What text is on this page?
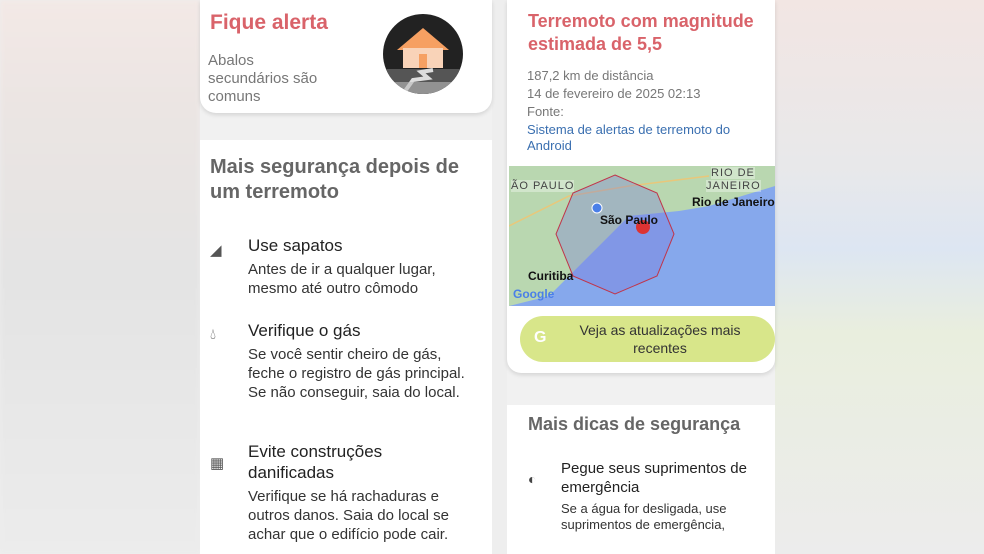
Fique alerta
Abalos secundários são comuns
Mais segurança depois de um terremoto
◢	Use sapatos
Antes de ir a qualquer lugar, mesmo até outro cômodo
💧︎	Verifique o gás
Se você sentir cheiro de gás, feche o registro de gás principal. Se não conseguir, saia do local.
▦
Evite construções danificadas
Verifique se há rachaduras e outros danos. Saia do local se achar que o edifício pode cair.
Terremoto com magnitude estimada de 5,5
187,2 km de distância
14 de fevereiro de 2025 02:13
Fonte:
Sistema de alertas de terremoto do Android
ÃO PAULO
RIO DE
JANEIRO
São Paulo
Rio de Janeiro
Curitiba
Google
G	Veja as atualizações mais recentes
Mais dicas de segurança
◐
Pegue seus suprimentos de emergência
Se a água for desligada, use suprimentos de emergência,
